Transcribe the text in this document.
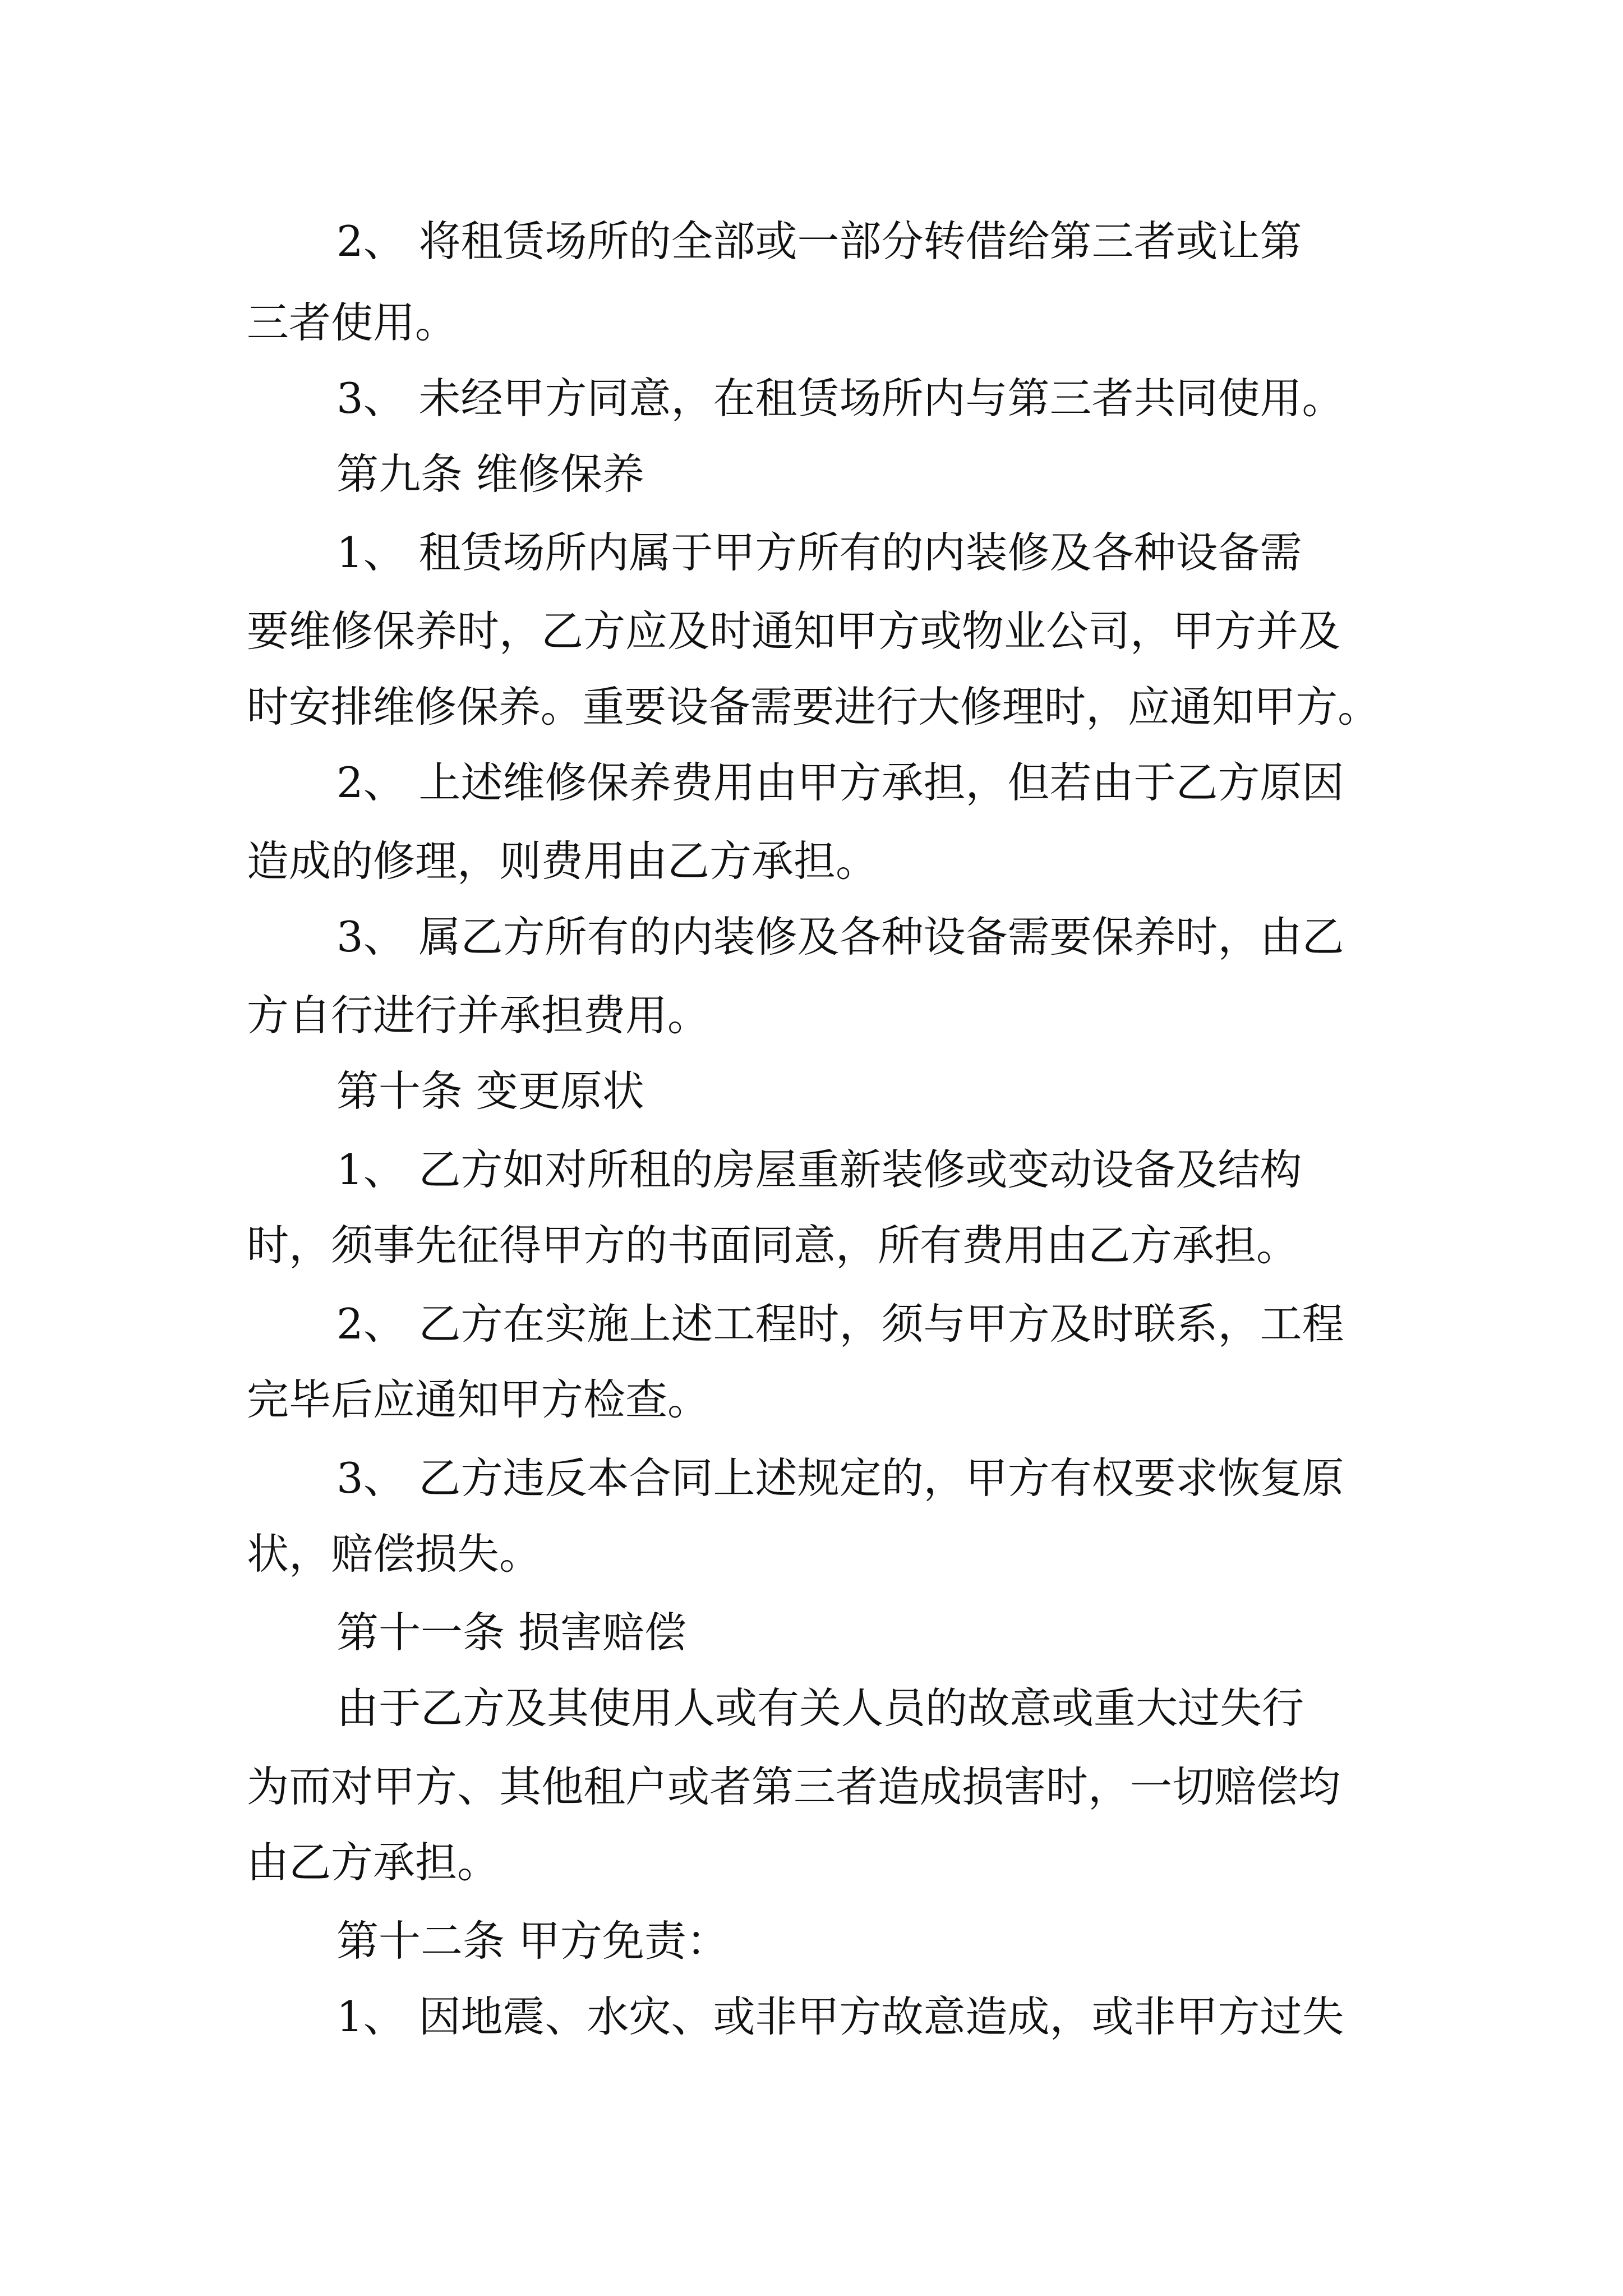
2、 将租赁场所的全部或一部分转借给第三者或让第
三者使用。
3、 未经甲方同意，在租赁场所内与第三者共同使用。
第九条 维修保养
1、 租赁场所内属于甲方所有的内装修及各种设备需
要维修保养时，乙方应及时通知甲方或物业公司，甲方并及
时安排维修保养。重要设备需要进行大修理时，应通知甲方。
2、 上述维修保养费用由甲方承担，但若由于乙方原因
造成的修理，则费用由乙方承担。
3、 属乙方所有的内装修及各种设备需要保养时，由乙
方自行进行并承担费用。
第十条 变更原状
1、 乙方如对所租的房屋重新装修或变动设备及结构
时，须事先征得甲方的书面同意，所有费用由乙方承担。
2、 乙方在实施上述工程时，须与甲方及时联系，工程
完毕后应通知甲方检查。
3、 乙方违反本合同上述规定的，甲方有权要求恢复原
状，赔偿损失。
第十一条 损害赔偿
由于乙方及其使用人或有关人员的故意或重大过失行
为而对甲方、其他租户或者第三者造成损害时，一切赔偿均
由乙方承担。
第十二条 甲方免责：
1、 因地震、水灾、或非甲方故意造成，或非甲方过失
